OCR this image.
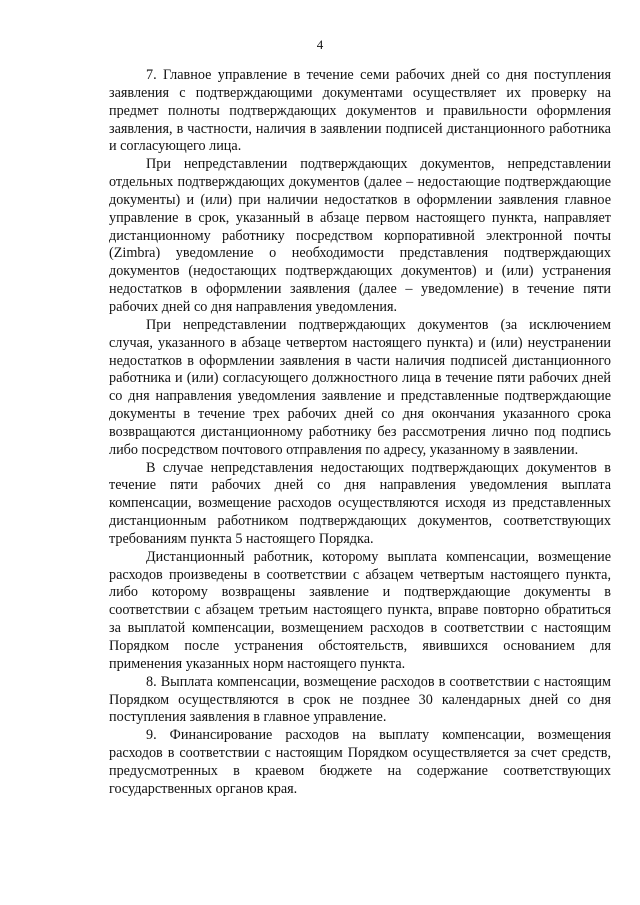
4

7. Главное управление в течение семи рабочих дней со дня поступления заявления с подтверждающими документами осуществляет их проверку на предмет полноты подтверждающих документов и правильности оформления заявления, в частности, наличия в заявлении подписей дистанционного работника и согласующего лица.

При непредставлении подтверждающих документов, непредставлении отдельных подтверждающих документов (далее – недостающие подтверждающие документы) и (или) при наличии недостатков в оформлении заявления главное управление в срок, указанный в абзаце первом настоящего пункта, направляет дистанционному работнику посредством корпоративной электронной почты (Zimbra) уведомление о необходимости представления подтверждающих документов (недостающих подтверждающих документов) и (или) устранения недостатков в оформлении заявления (далее – уведомление) в течение пяти рабочих дней со дня направления уведомления.

При непредставлении подтверждающих документов (за исключением случая, указанного в абзаце четвертом настоящего пункта) и (или) неустранении недостатков в оформлении заявления в части наличия подписей дистанционного работника и (или) согласующего должностного лица в течение пяти рабочих дней со дня направления уведомления заявление и представленные подтверждающие документы в течение трех рабочих дней со дня окончания указанного срока возвращаются дистанционному работнику без рассмотрения лично под подпись либо посредством почтового отправления по адресу, указанному в заявлении.

В случае непредставления недостающих подтверждающих документов в течение пяти рабочих дней со дня направления уведомления выплата компенсации, возмещение расходов осуществляются исходя из представленных дистанционным работником подтверждающих документов, соответствующих требованиям пункта 5 настоящего Порядка.

Дистанционный работник, которому выплата компенсации, возмещение расходов произведены в соответствии с абзацем четвертым настоящего пункта, либо которому возвращены заявление и подтверждающие документы в соответствии с абзацем третьим настоящего пункта, вправе повторно обратиться за выплатой компенсации, возмещением расходов в соответствии с настоящим Порядком после устранения обстоятельств, явившихся основанием для применения указанных норм настоящего пункта.

8. Выплата компенсации, возмещение расходов в соответствии с настоящим Порядком осуществляются в срок не позднее 30 календарных дней со дня поступления заявления в главное управление.

9. Финансирование расходов на выплату компенсации, возмещения расходов в соответствии с настоящим Порядком осуществляется за счет средств, предусмотренных в краевом бюджете на содержание соответствующих государственных органов края.
